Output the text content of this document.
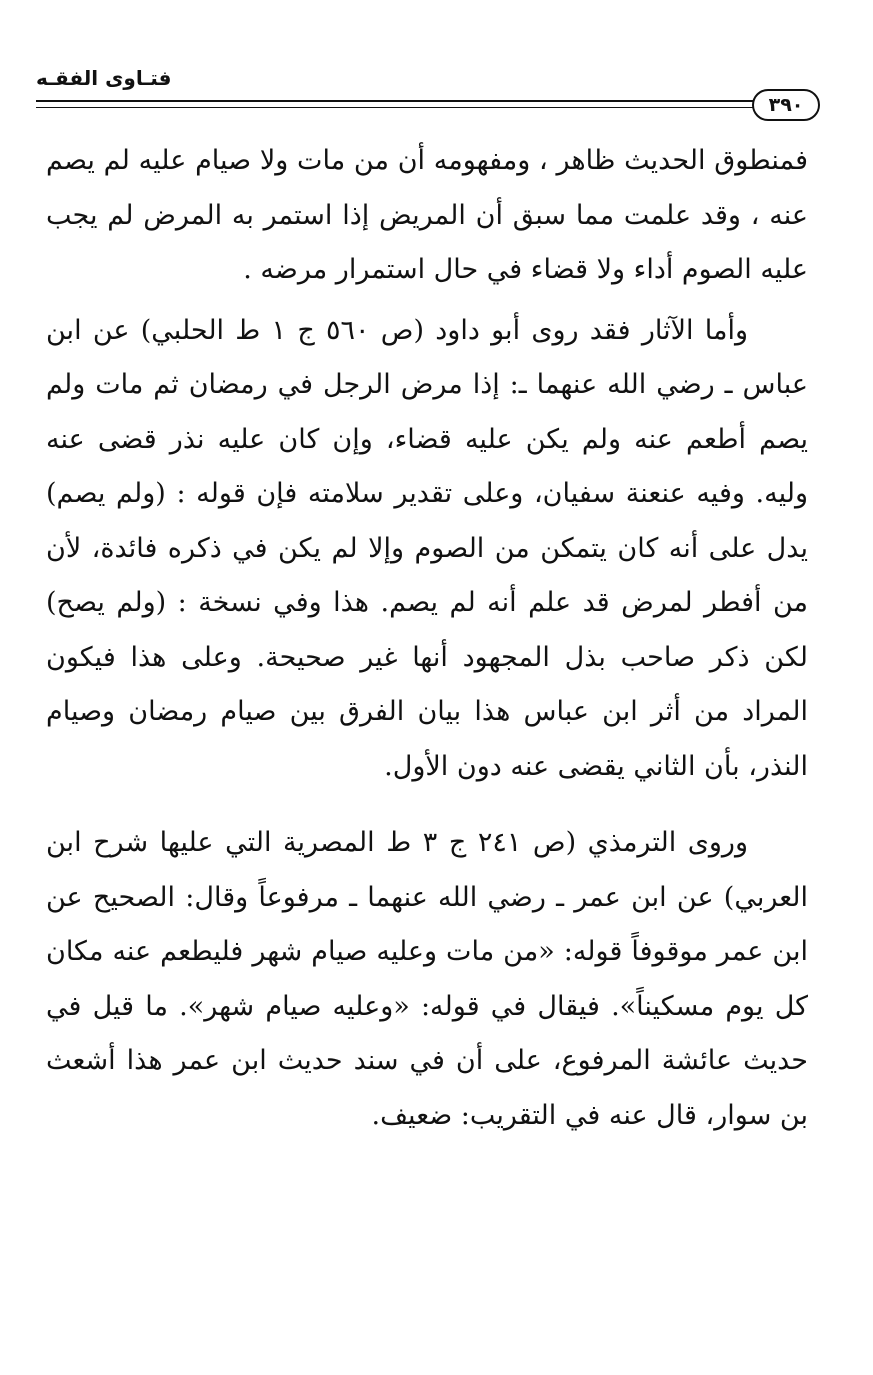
فتـاوى الفقـه
٣٩٠

فمنطوق الحديث ظاهر ، ومفهومه أن من مات ولا صيام عليه لم يصم عنه ، وقد علمت مما سبق أن المريض إذا استمر به المرض لم يجب عليه الصوم أداء ولا قضاء في حال استمرار مرضه .

وأما الآثار فقد روى أبو داود (ص ٥٦٠ ج ١ ط الحلبي) عن ابن عباس ـ رضي الله عنهما ـ: إذا مرض الرجل في رمضان ثم مات ولم يصم أطعم عنه ولم يكن عليه قضاء، وإن كان عليه نذر قضى عنه وليه. وفيه عنعنة سفيان، وعلى تقدير سلامته فإن قوله : (ولم يصم) يدل على أنه كان يتمكن من الصوم وإلا لم يكن في ذكره فائدة، لأن من أفطر لمرض قد علم أنه لم يصم. هذا وفي نسخة : (ولم يصح) لكن ذكر صاحب بذل المجهود أنها غير صحيحة. وعلى هذا فيكون المراد من أثر ابن عباس هذا بيان الفرق بين صيام رمضان وصيام النذر، بأن الثاني يقضى عنه دون الأول.

وروى الترمذي (ص ٢٤١ ج ٣ ط المصرية التي عليها شرح ابن العربي) عن ابن عمر ـ رضي الله عنهما ـ مرفوعاً وقال: الصحيح عن ابن عمر موقوفاً قوله: «من مات وعليه صيام شهر فليطعم عنه مكان كل يوم مسكيناً». فيقال في قوله: «وعليه صيام شهر». ما قيل في حديث عائشة المرفوع، على أن في سند حديث ابن عمر هذا أشعث بن سوار، قال عنه في التقريب: ضعيف.
